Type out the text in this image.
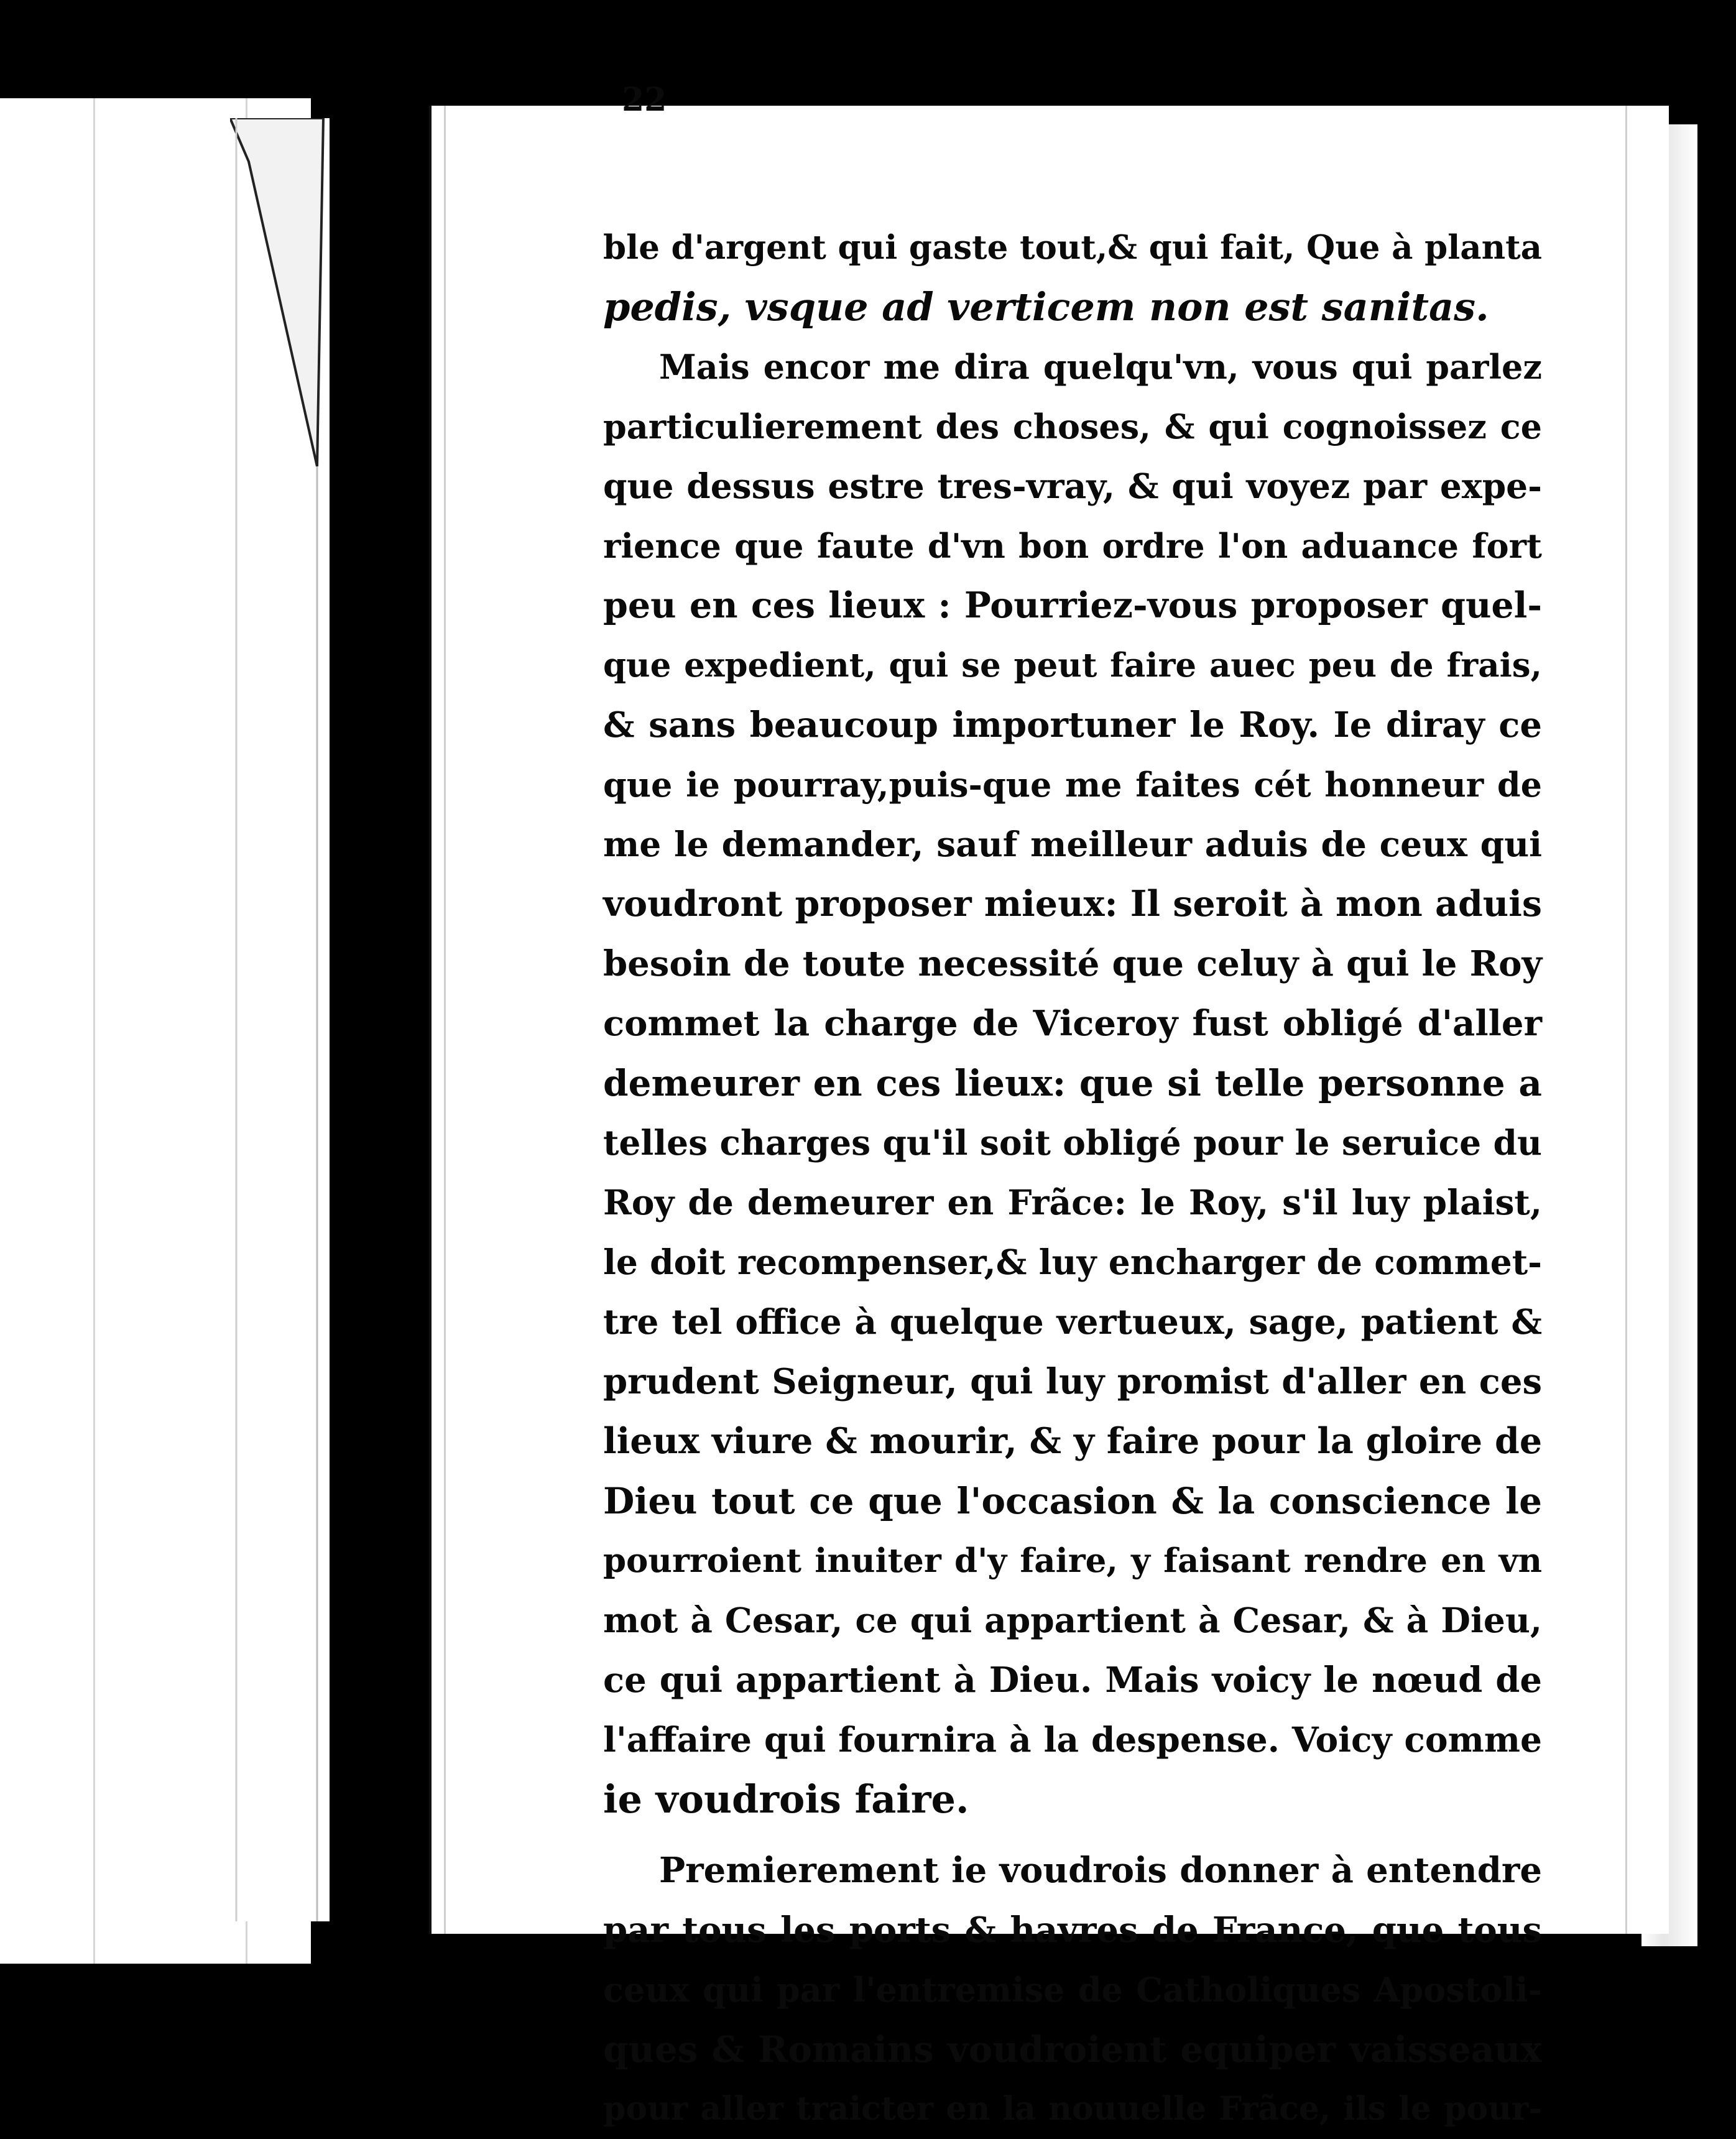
22
ble d'argent qui gaste tout,& qui fait, Que à planta
pedis, vsque ad verticem non est sanitas.
Mais encor me dira quelqu'vn, vous qui parlez
particulierement des choses, & qui cognoissez ce
que dessus estre tres-vray, & qui voyez par expe-
rience que faute d'vn bon ordre l'on aduance fort
peu en ces lieux : Pourriez-vous proposer quel-
que expedient, qui se peut faire auec peu de frais,
& sans beaucoup importuner le Roy. Ie diray ce
que ie pourray,puis-que me faites cét honneur de
me le demander, sauf meilleur aduis de ceux qui
voudront proposer mieux: Il seroit à mon aduis
besoin de toute necessité que celuy à qui le Roy
commet la charge de Viceroy fust obligé d'aller
demeurer en ces lieux: que si telle personne a
telles charges qu'il soit obligé pour le seruice du
Roy de demeurer en Frãce: le Roy, s'il luy plaist,
le doit recompenser,& luy encharger de commet-
tre tel office à quelque vertueux, sage, patient &
prudent Seigneur, qui luy promist d'aller en ces
lieux viure & mourir, & y faire pour la gloire de
Dieu tout ce que l'occasion & la conscience le
pourroient inuiter d'y faire, y faisant rendre en vn
mot à Cesar, ce qui appartient à Cesar, & à Dieu,
ce qui appartient à Dieu. Mais voicy le nœud de
l'affaire qui fournira à la despense. Voicy comme
ie voudrois faire.
Premierement ie voudrois donner à entendre
par tous les ports & havres de France, que tous
ceux qui par l'entremise de Catholiques Apostoli-
ques & Romains voudroient equiper vaisseaux
pour aller traicter en la nouuelle Frãce, ils le pour-
